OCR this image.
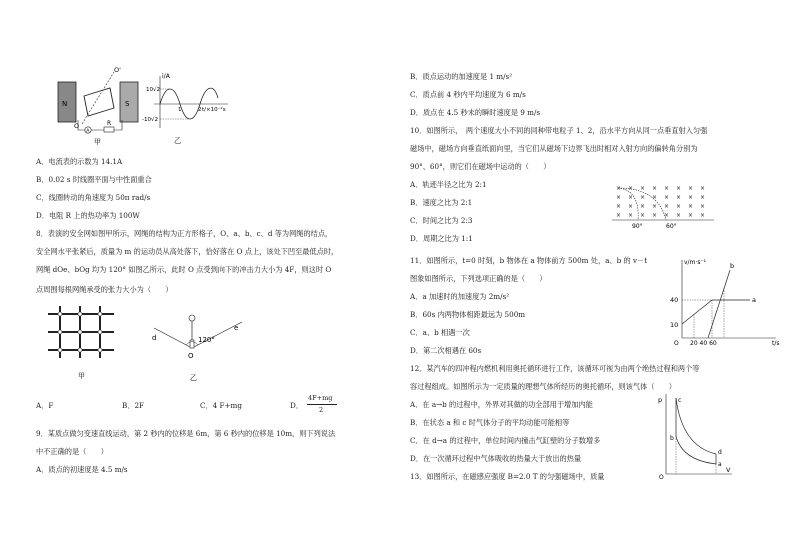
N	S
O'
O	R
A
i/A
10√2
-10√2
1	2 t/×10⁻²s
甲	乙
A．电流表的示数为 14.1A
B．0.02 s 时线圈平面与中性面重合
C．线圈转动的角速度为 50π rad/s
D．电阻 R 上的热功率为 100W
8．表演的安全网如图甲所示，网绳的结构为正方形格子，O、a、b、c、d 等为网绳的结点，
安全网水平张紧后，质量为 m 的运动员从高处落下，恰好落在 O 点上，该处下凹至最低点时，
网绳 dOe、bOg 均为 120° 如图乙所示，此时 O 点受到向下的冲击力大小为 4F，则这时 O
点周围每根网绳承受的张力大小为（　　）
甲
120°
d
e
O
乙
A．F	B．2F	C．4 F+mg	D．
4F+mg
2
9．某质点做匀变速直线运动，第 2 秒内的位移是 6m，第 6 秒内的位移是 10m，则下列说法
中不正确的是（　　）
A．质点的初速度是 4.5 m/s
B．质点运动的加速度是 1 m/s²
C．质点前 4 秒内平均速度为 6 m/s
D．质点在 4.5 秒末的瞬时速度是 9 m/s
10．如图所示，　两个速度大小不同的同种带电粒子 1、2，沿水平方向从同一点垂直射入匀强
磁场中，磁场方向垂直纸面向里，当它们从磁场下边界飞出时相对入射方向的偏转角分别为
90°、60°，则它们在磁场中运动的（　　）
A．轨迹半径之比为 2:1
B．速度之比为 2:1
C．时间之比为 2:3
D．周期之比为 1:1
× × × × × × × ×
× × × × × × × ×
× × × × × × × ×
× × × × × × × ×
90°	60°
11．如图所示，t=0 时刻，b 物体在 a 物体前方 500m 处，a、b 的 v－t
图象如图所示，下列选项正确的是（　　）
A．a 加速时的加速度为 2m/s²
B．60s 内两物体相距最远为 500m
C．a、b 相遇一次
D．第二次相遇在 60s
v/m·s⁻¹
t/s
40
10
O 20 40 60
a
b
12．某汽车的四冲程内燃机利用奥托循环进行工作，该循环可视为由两个绝热过程和两个等
容过程组成。如图所示为一定质量的理想气体所经历的奥托循环，则该气体（　　）
A．在 a→b 的过程中，外界对其做的功全部用于增加内能
B．在状态 a 和 c 时气体分子的平均动能可能相等
C．在 d→a 的过程中，单位时间内撞击气缸壁的分子数增多
D．在一次循环过程中气体吸收的热量大于放出的热量
13．如图所示，在磁感应强度 B=2.0 T 的匀强磁场中，质量
p
V
O
c
b
d
a
